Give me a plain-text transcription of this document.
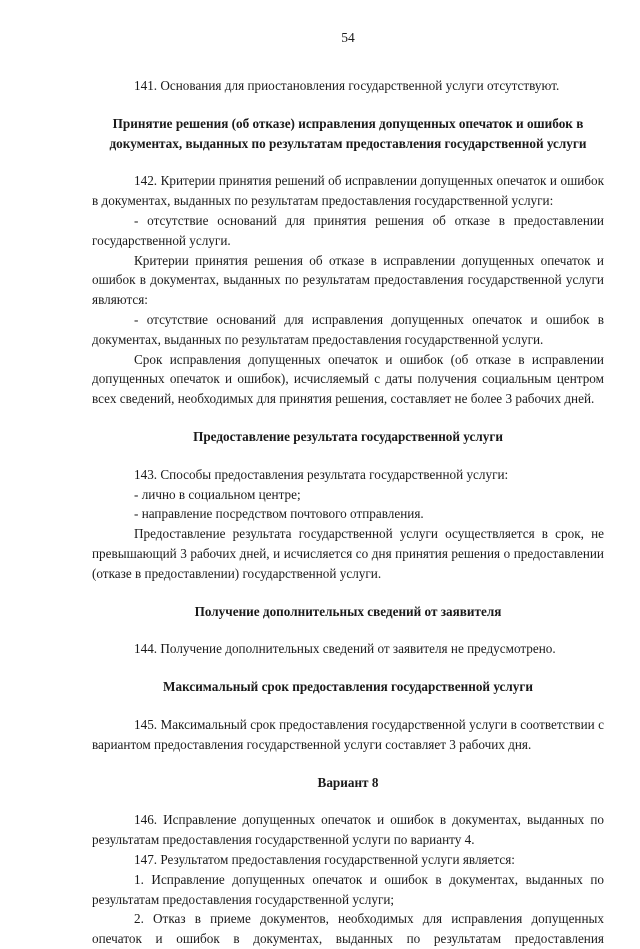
54

141. Основания для приостановления государственной услуги отсутствуют.

Принятие решения (об отказе) исправления допущенных опечаток и ошибок в документах, выданных по результатам предоставления государственной услуги

142. Критерии принятия решений об исправлении допущенных опечаток и ошибок в документах, выданных по результатам предоставления государственной услуги:

- отсутствие оснований для принятия решения об отказе в предоставлении государственной услуги.

Критерии принятия решения об отказе в исправлении допущенных опечаток и ошибок в документах, выданных по результатам предоставления государственной услуги являются:

- отсутствие оснований для исправления допущенных опечаток и ошибок в документах, выданных по результатам предоставления государственной услуги.

Срок исправления допущенных опечаток и ошибок (об отказе в исправлении допущенных опечаток и ошибок), исчисляемый с даты получения социальным центром всех сведений, необходимых для принятия решения, составляет не более 3 рабочих дней.

Предоставление результата государственной услуги

143. Способы предоставления результата государственной услуги:

- лично в социальном центре;

- направление посредством почтового отправления.

Предоставление результата государственной услуги осуществляется в срок, не превышающий 3 рабочих дней, и исчисляется со дня принятия решения о предоставлении (отказе в предоставлении) государственной услуги.

Получение дополнительных сведений от заявителя

144. Получение дополнительных сведений от заявителя не предусмотрено.

Максимальный срок предоставления государственной услуги

145. Максимальный срок предоставления государственной услуги в соответствии с вариантом предоставления государственной услуги составляет 3 рабочих дня.

Вариант 8

146. Исправление допущенных опечаток и ошибок в документах, выданных по результатам предоставления государственной услуги по варианту 4.

147. Результатом предоставления государственной услуги является:

1. Исправление допущенных опечаток и ошибок в документах, выданных по результатам предоставления государственной услуги;

2. Отказ в приеме документов, необходимых для исправления допущенных опечаток и ошибок в документах, выданных по результатам предоставления
